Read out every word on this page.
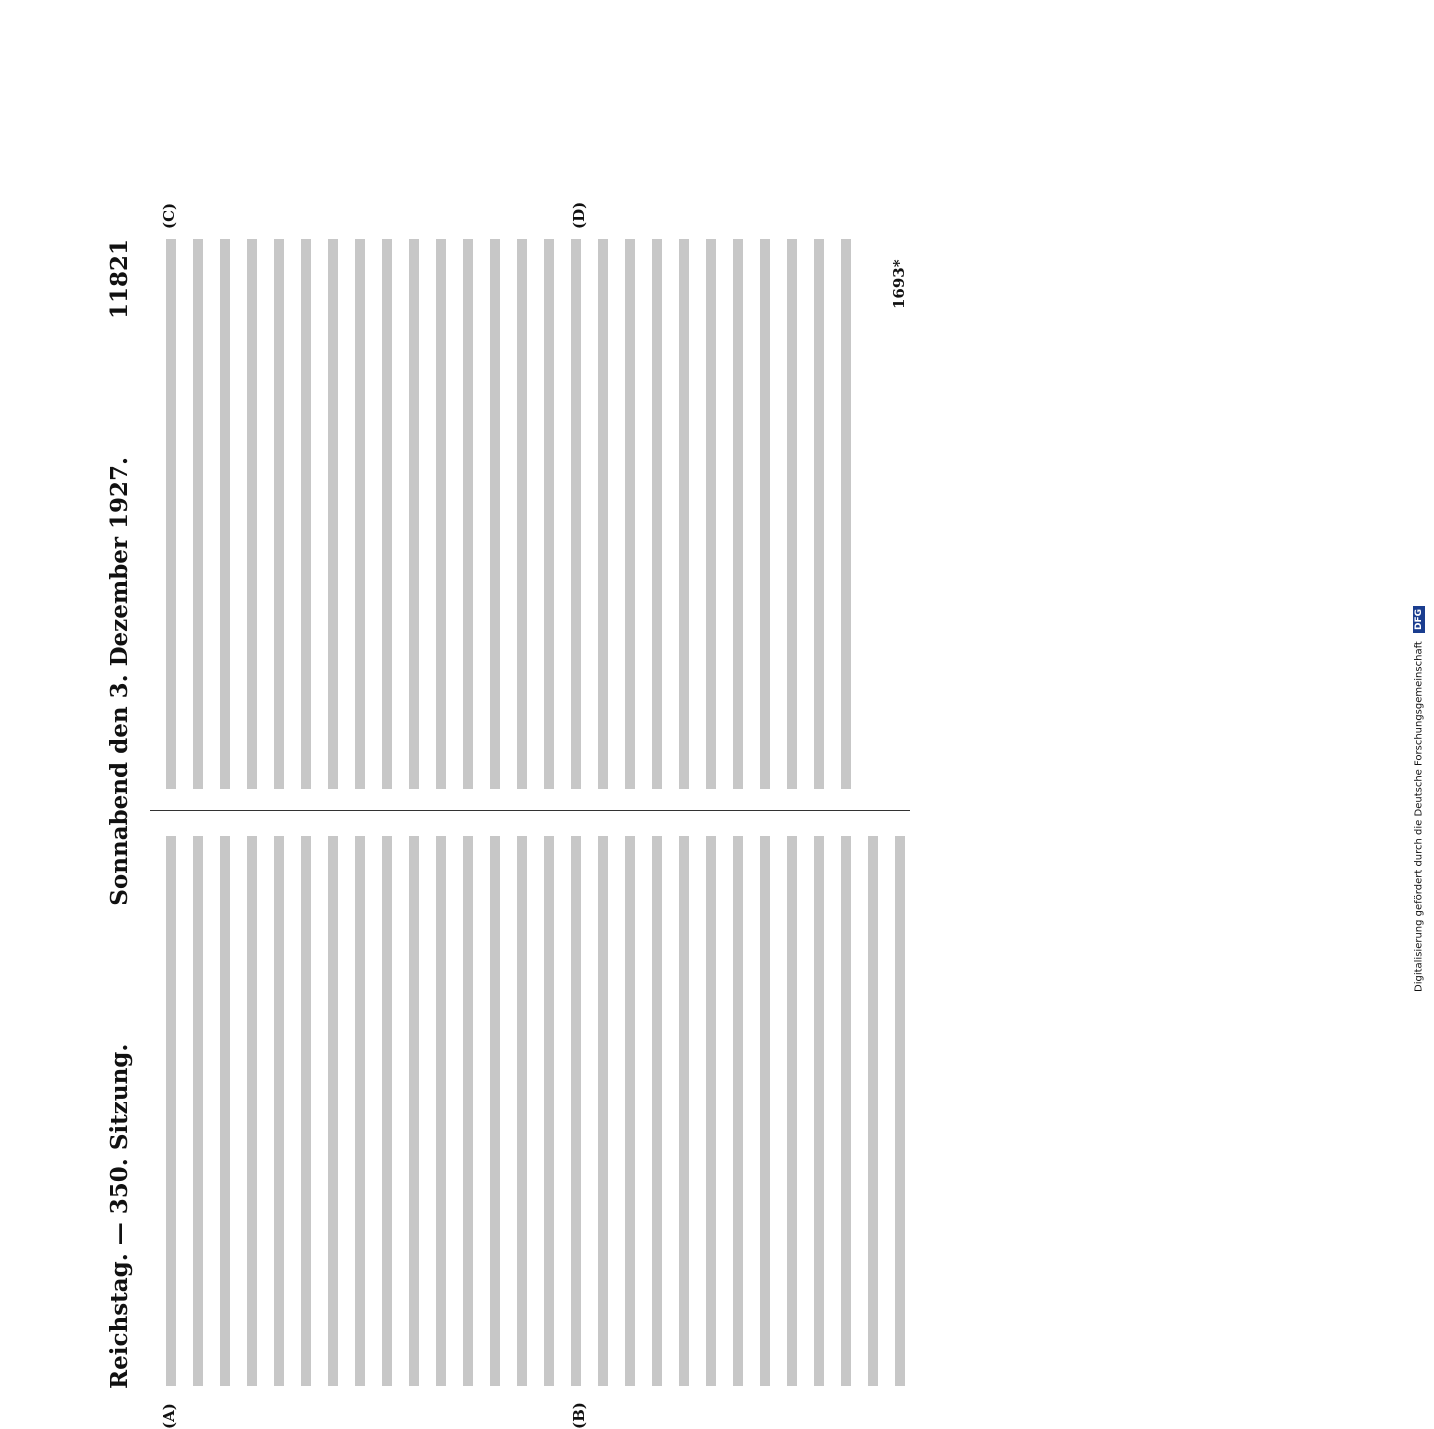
Reichstag. — 350. Sitzung.
Sonnabend den 3. Dezember 1927.
11821
(A)	(B)
(C)	(D)
1693*
Digitalisierung gefördert durch die Deutsche Forschungsgemeinschaft
DFG
